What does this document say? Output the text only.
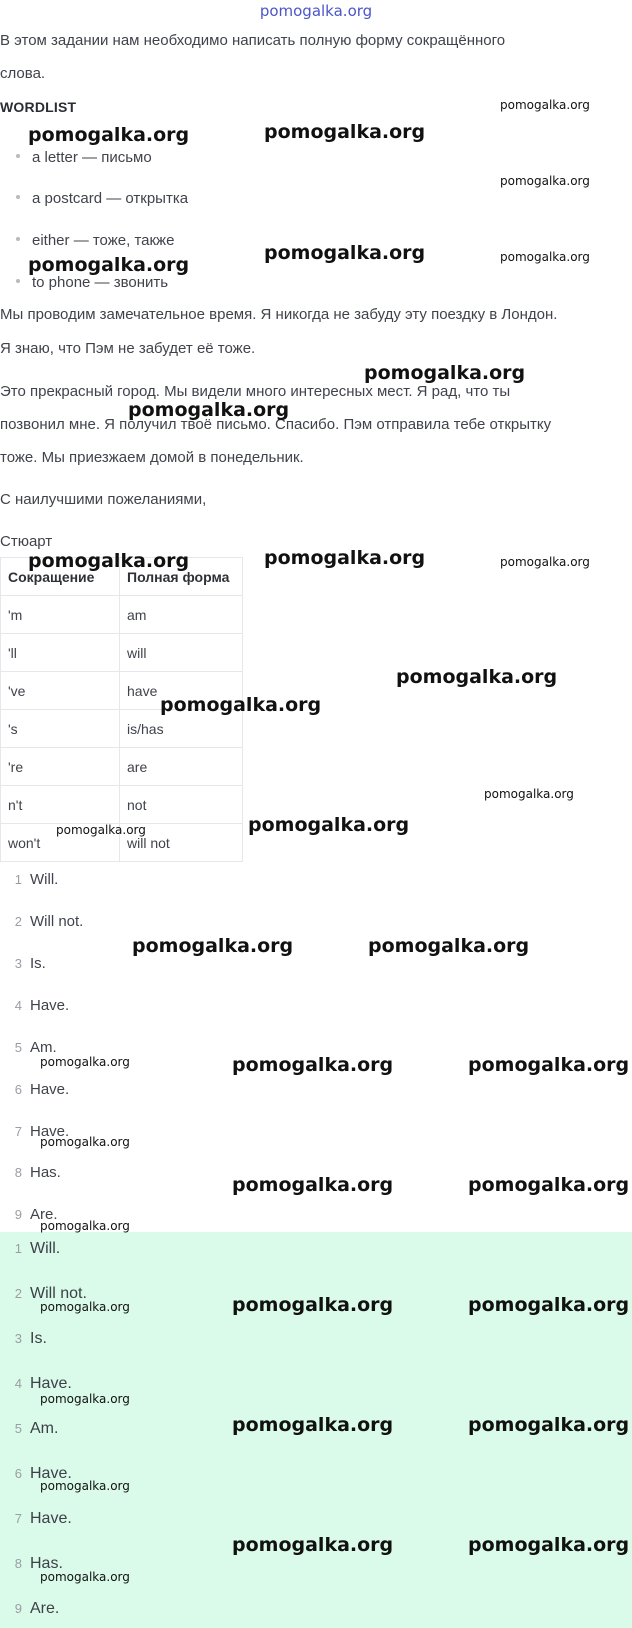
pomogalka.org
В этом задании нам необходимо написать полную форму сокращённого
слова.
WORDLIST
a letter — письмо
a postcard — открытка
either — тоже, также
to phone — звонить
Мы проводим замечательное время. Я никогда не забуду эту поездку в Лондон.
Я знаю, что Пэм не забудет её тоже.
Это прекрасный город. Мы видели много интересных мест. Я рад, что ты
позвонил мне. Я получил твоё письмо. Спасибо. Пэм отправила тебе открытку
тоже. Мы приезжаем домой в понедельник.
С наилучшими пожеланиями,
Стюарт
Сокращение	Полная форма
'm	am
'll	will
've	have
's	is/has
're	are
n't	not
won't	will not
1 Will.
2 Will not.
3 Is.
4 Have.
5 Am.
6 Have.
7 Have.
8 Has.
9 Are.
1 Will.
2 Will not.
3 Is.
4 Have.
5 Am.
6 Have.
7 Have.
8 Has.
9 Are.
pomogalka.org	pomogalka.org
pomogalka.org
pomogalka.org
pomogalka.org
pomogalka.org	pomogalka.org
pomogalka.org
pomogalka.org
pomogalka.org	pomogalka.org	pomogalka.org
pomogalka.org
pomogalka.org
pomogalka.org
pomogalka.org	pomogalka.org
pomogalka.org	pomogalka.org
pomogalka.org	pomogalka.org	pomogalka.org
pomogalka.org
pomogalka.org	pomogalka.org
pomogalka.org
pomogalka.org	pomogalka.org	pomogalka.org
pomogalka.org
pomogalka.org	pomogalka.org
pomogalka.org
pomogalka.org	pomogalka.org
pomogalka.org
